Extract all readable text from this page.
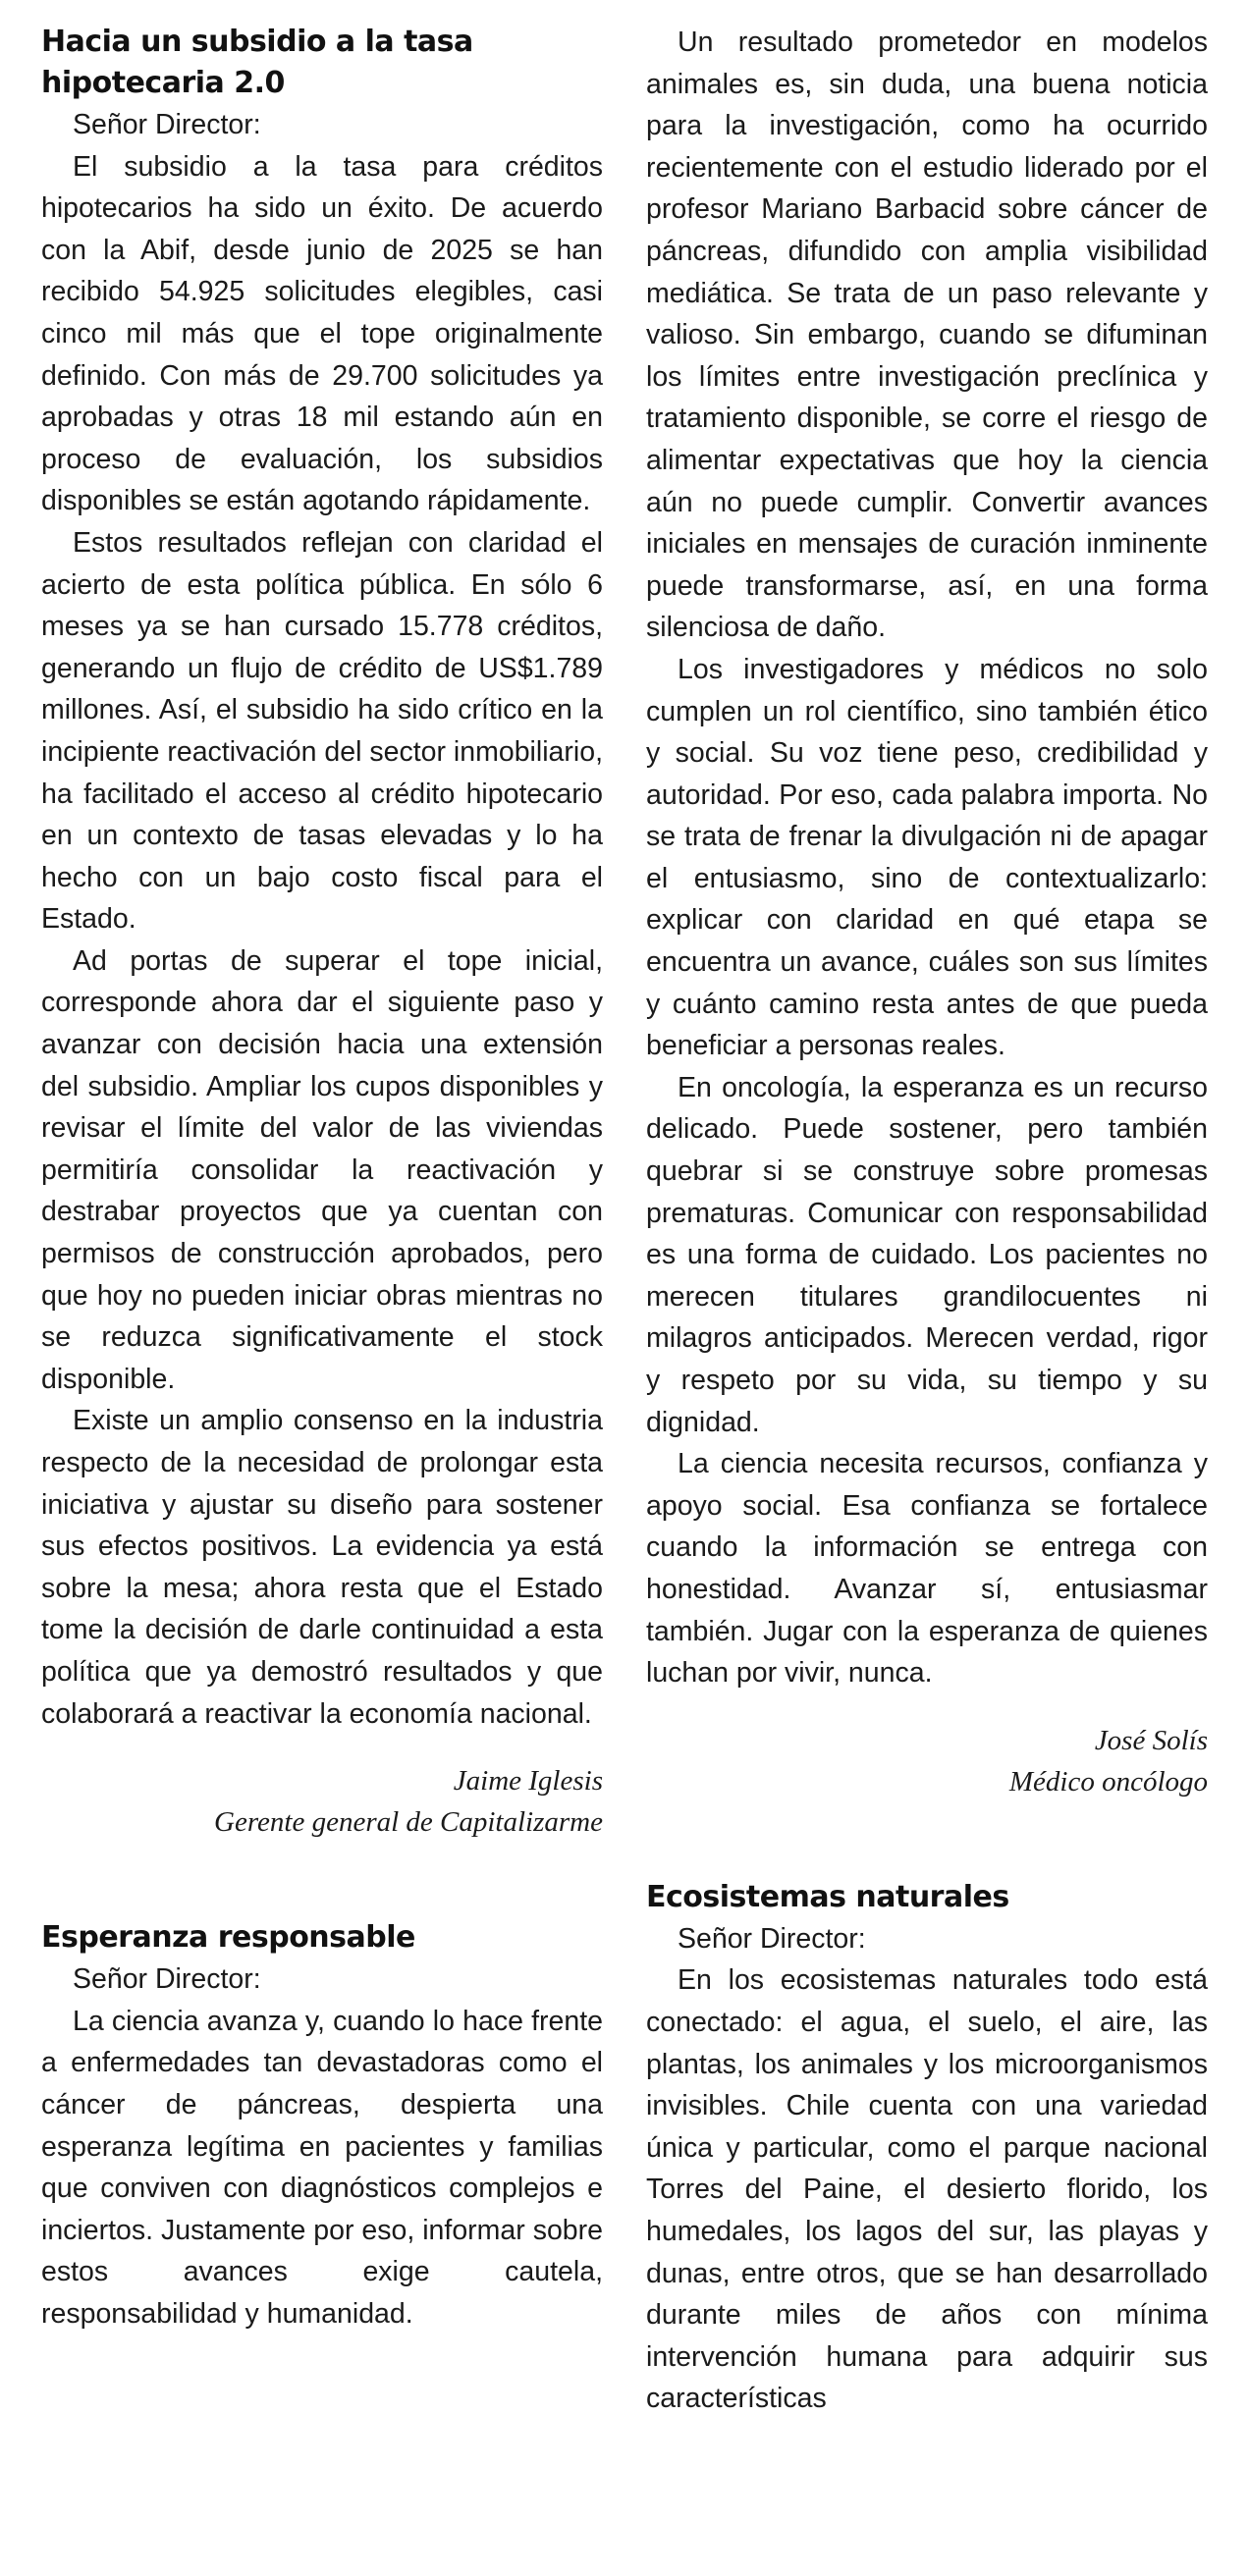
Hacia un subsidio a la tasa hipotecaria 2.0

Señor Director:

El subsidio a la tasa para créditos hipotecarios ha sido un éxito. De acuerdo con la Abif, desde junio de 2025 se han recibido 54.925 solicitudes elegibles, casi cinco mil más que el tope originalmente definido. Con más de 29.700 solicitudes ya aprobadas y otras 18 mil estando aún en proceso de evaluación, los subsidios disponibles se están agotando rápidamente.

Estos resultados reflejan con claridad el acierto de esta política pública. En sólo 6 meses ya se han cursado 15.778 créditos, generando un flujo de crédito de US$1.789 millones. Así, el subsidio ha sido crítico en la incipiente reactivación del sector inmobiliario, ha facilitado el acceso al crédito hipotecario en un contexto de tasas elevadas y lo ha hecho con un bajo costo fiscal para el Estado.

Ad portas de superar el tope inicial, corresponde ahora dar el siguiente paso y avanzar con decisión hacia una extensión del subsidio. Ampliar los cupos disponibles y revisar el límite del valor de las viviendas permitiría consolidar la reactivación y destrabar proyectos que ya cuentan con permisos de construcción aprobados, pero que hoy no pueden iniciar obras mientras no se reduzca significativamente el stock disponible.

Existe un amplio consenso en la industria respecto de la necesidad de prolongar esta iniciativa y ajustar su diseño para sostener sus efectos positivos. La evidencia ya está sobre la mesa; ahora resta que el Estado tome la decisión de darle continuidad a esta política que ya demostró resultados y que colaborará a reactivar la economía nacional.

Jaime Iglesis

Gerente general de Capitalizarme

Esperanza responsable

Señor Director:

La ciencia avanza y, cuando lo hace frente a enfermedades tan devastadoras como el cáncer de páncreas, despierta una esperanza legítima en pacientes y familias que conviven con diagnósticos complejos e inciertos. Justamente por eso, informar sobre estos avances exige cautela, responsabilidad y humanidad.

Un resultado prometedor en modelos animales es, sin duda, una buena noticia para la investigación, como ha ocurrido recientemente con el estudio liderado por el profesor Mariano Barbacid sobre cáncer de páncreas, difundido con amplia visibilidad mediática. Se trata de un paso relevante y valioso. Sin embargo, cuando se difuminan los límites entre investigación preclínica y tratamiento disponible, se corre el riesgo de alimentar expectativas que hoy la ciencia aún no puede cumplir. Convertir avances iniciales en mensajes de curación inminente puede transformarse, así, en una forma silenciosa de daño.

Los investigadores y médicos no solo cumplen un rol científico, sino también ético y social. Su voz tiene peso, credibilidad y autoridad. Por eso, cada palabra importa. No se trata de frenar la divulgación ni de apagar el entusiasmo, sino de contextualizarlo: explicar con claridad en qué etapa se encuentra un avance, cuáles son sus límites y cuánto camino resta antes de que pueda beneficiar a personas reales.

En oncología, la esperanza es un recurso delicado. Puede sostener, pero también quebrar si se construye sobre promesas prematuras. Comunicar con responsabilidad es una forma de cuidado. Los pacientes no merecen titulares grandilocuentes ni milagros anticipados. Merecen verdad, rigor y respeto por su vida, su tiempo y su dignidad.

La ciencia necesita recursos, confianza y apoyo social. Esa confianza se fortalece cuando la información se entrega con honestidad. Avanzar sí, entusiasmar también. Jugar con la esperanza de quienes luchan por vivir, nunca.

José Solís

Médico oncólogo

Ecosistemas naturales

Señor Director:

En los ecosistemas naturales todo está conectado: el agua, el suelo, el aire, las plantas, los animales y los microorganismos invisibles. Chile cuenta con una variedad única y particular, como el parque nacional Torres del Paine, el desierto florido, los humedales, los lagos del sur, las playas y dunas, entre otros, que se han desarrollado durante miles de años con mínima intervención humana para adquirir sus características
